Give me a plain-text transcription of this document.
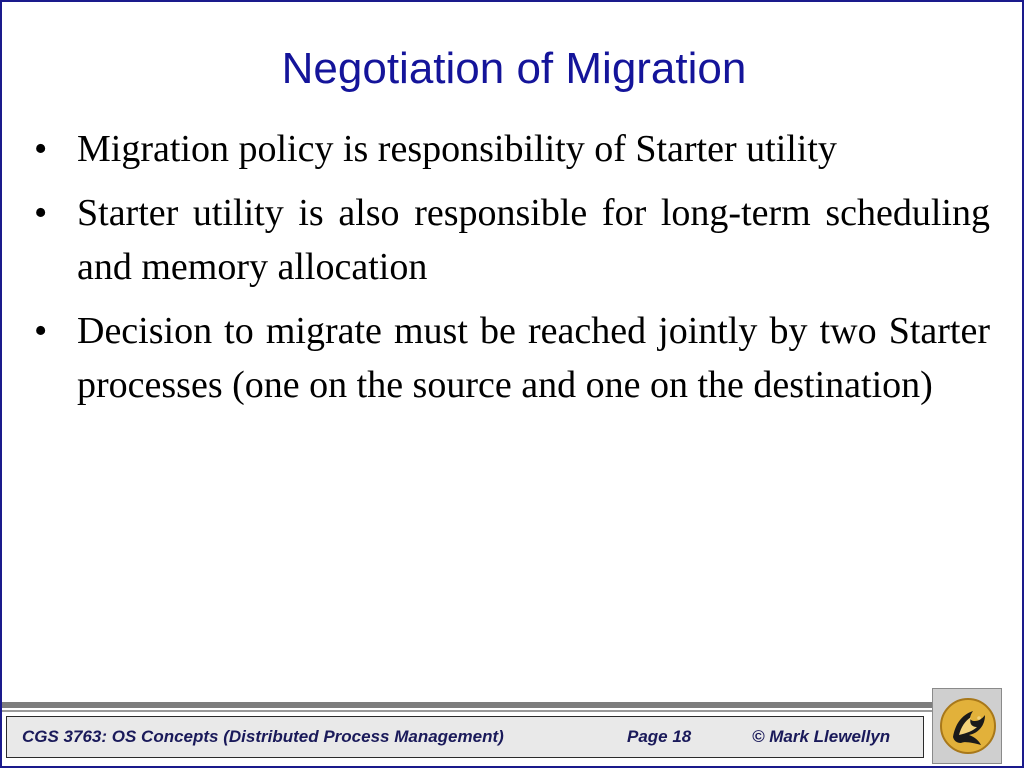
Negotiation of Migration
• Migration policy is responsibility of Starter utility
• Starter utility is also responsible for long-term scheduling and memory allocation
• Decision to migrate must be reached jointly by two Starter processes (one on the source and one on the destination)
CGS 3763: OS Concepts (Distributed Process Management)	Page 18	© Mark Llewellyn
